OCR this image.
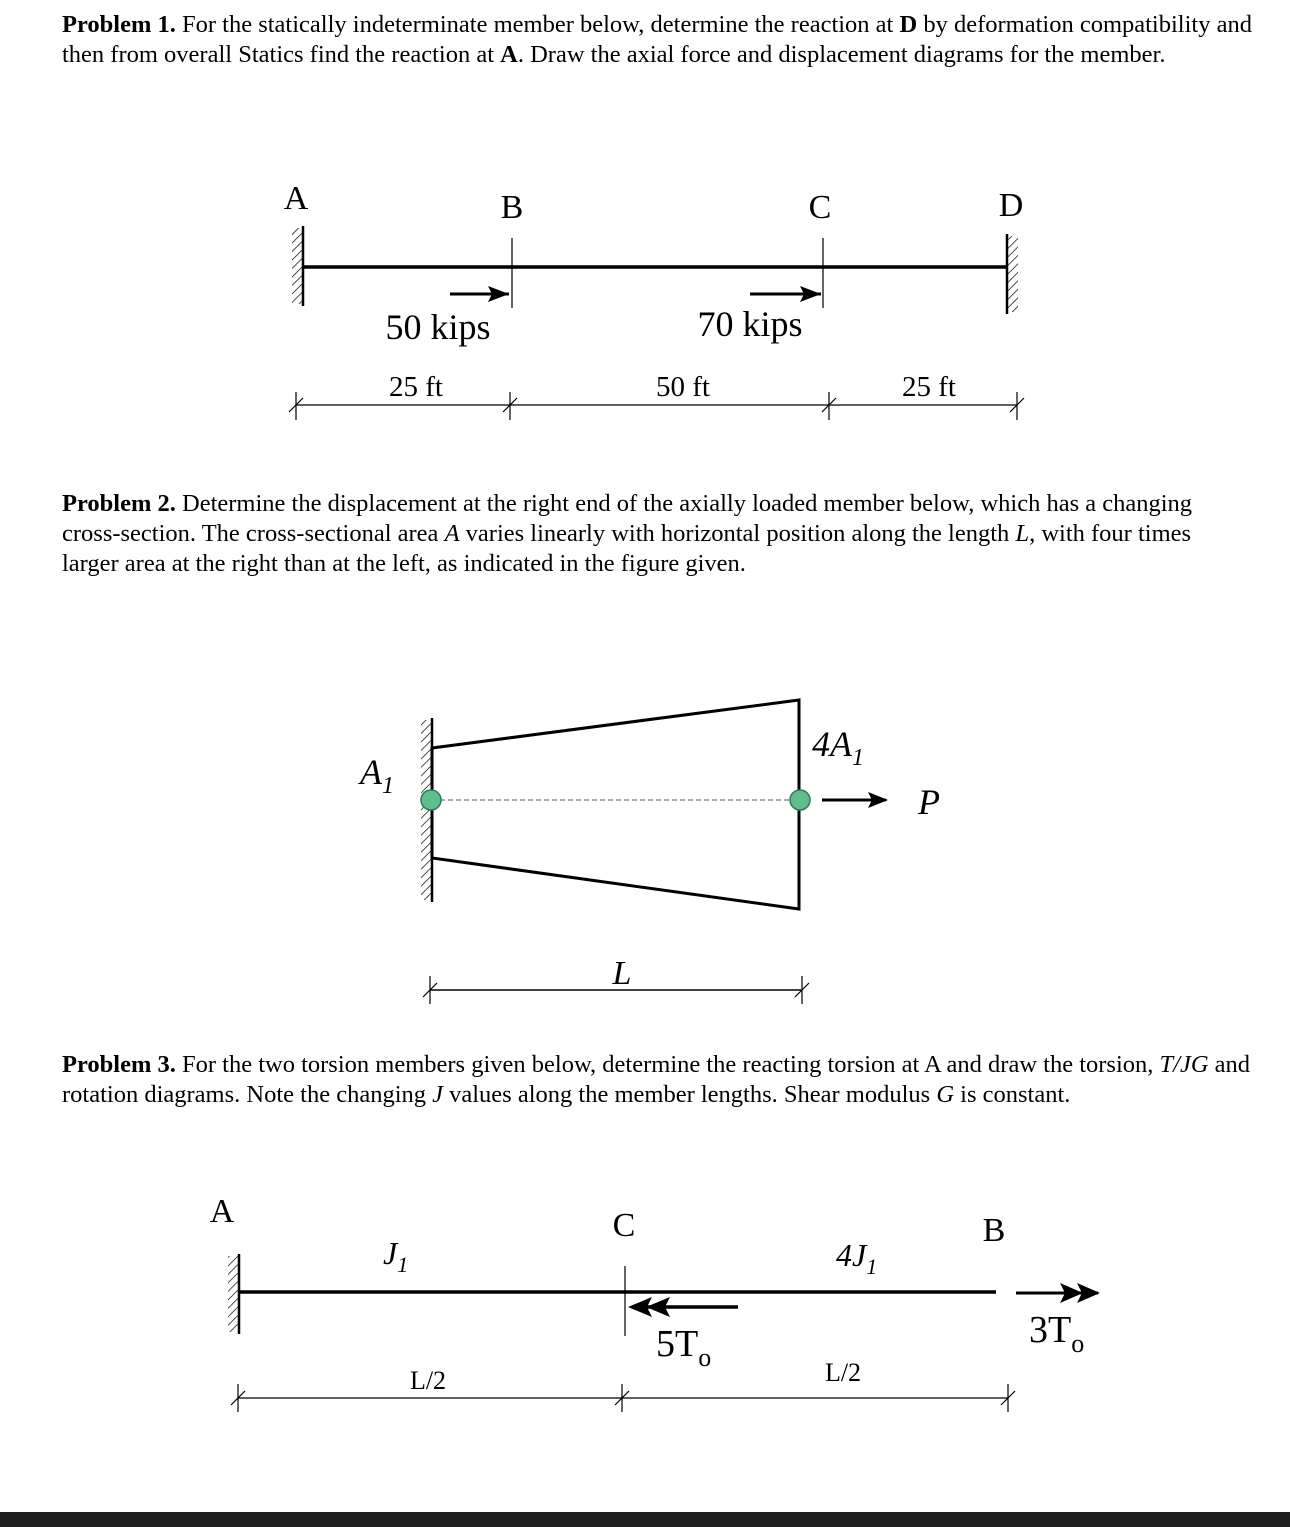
Problem 1. For the statically indeterminate member below, determine the reaction at D by deformation compatibility and then from overall Statics find the reaction at A. Draw the axial force and displacement diagrams for the member.

Problem 2. Determine the displacement at the right end of the axially loaded member below, which has a changing cross-section. The cross-sectional area A varies linearly with horizontal position along the length L, with four times larger area at the right than at the left, as indicated in the figure given.

Problem 3. For the two torsion members given below, determine the reacting torsion at A and draw the torsion, T/JG and rotation diagrams. Note the changing J values along the member lengths. Shear modulus G is constant.

A	B	C	D
50 kips	70 kips
25 ft	50 ft	25 ft
$A_1$
$4A_1$
P
L
A	C	B
$J_1$	$4J_1$
$5T_o$
$3T_o$
L/2	L/2
